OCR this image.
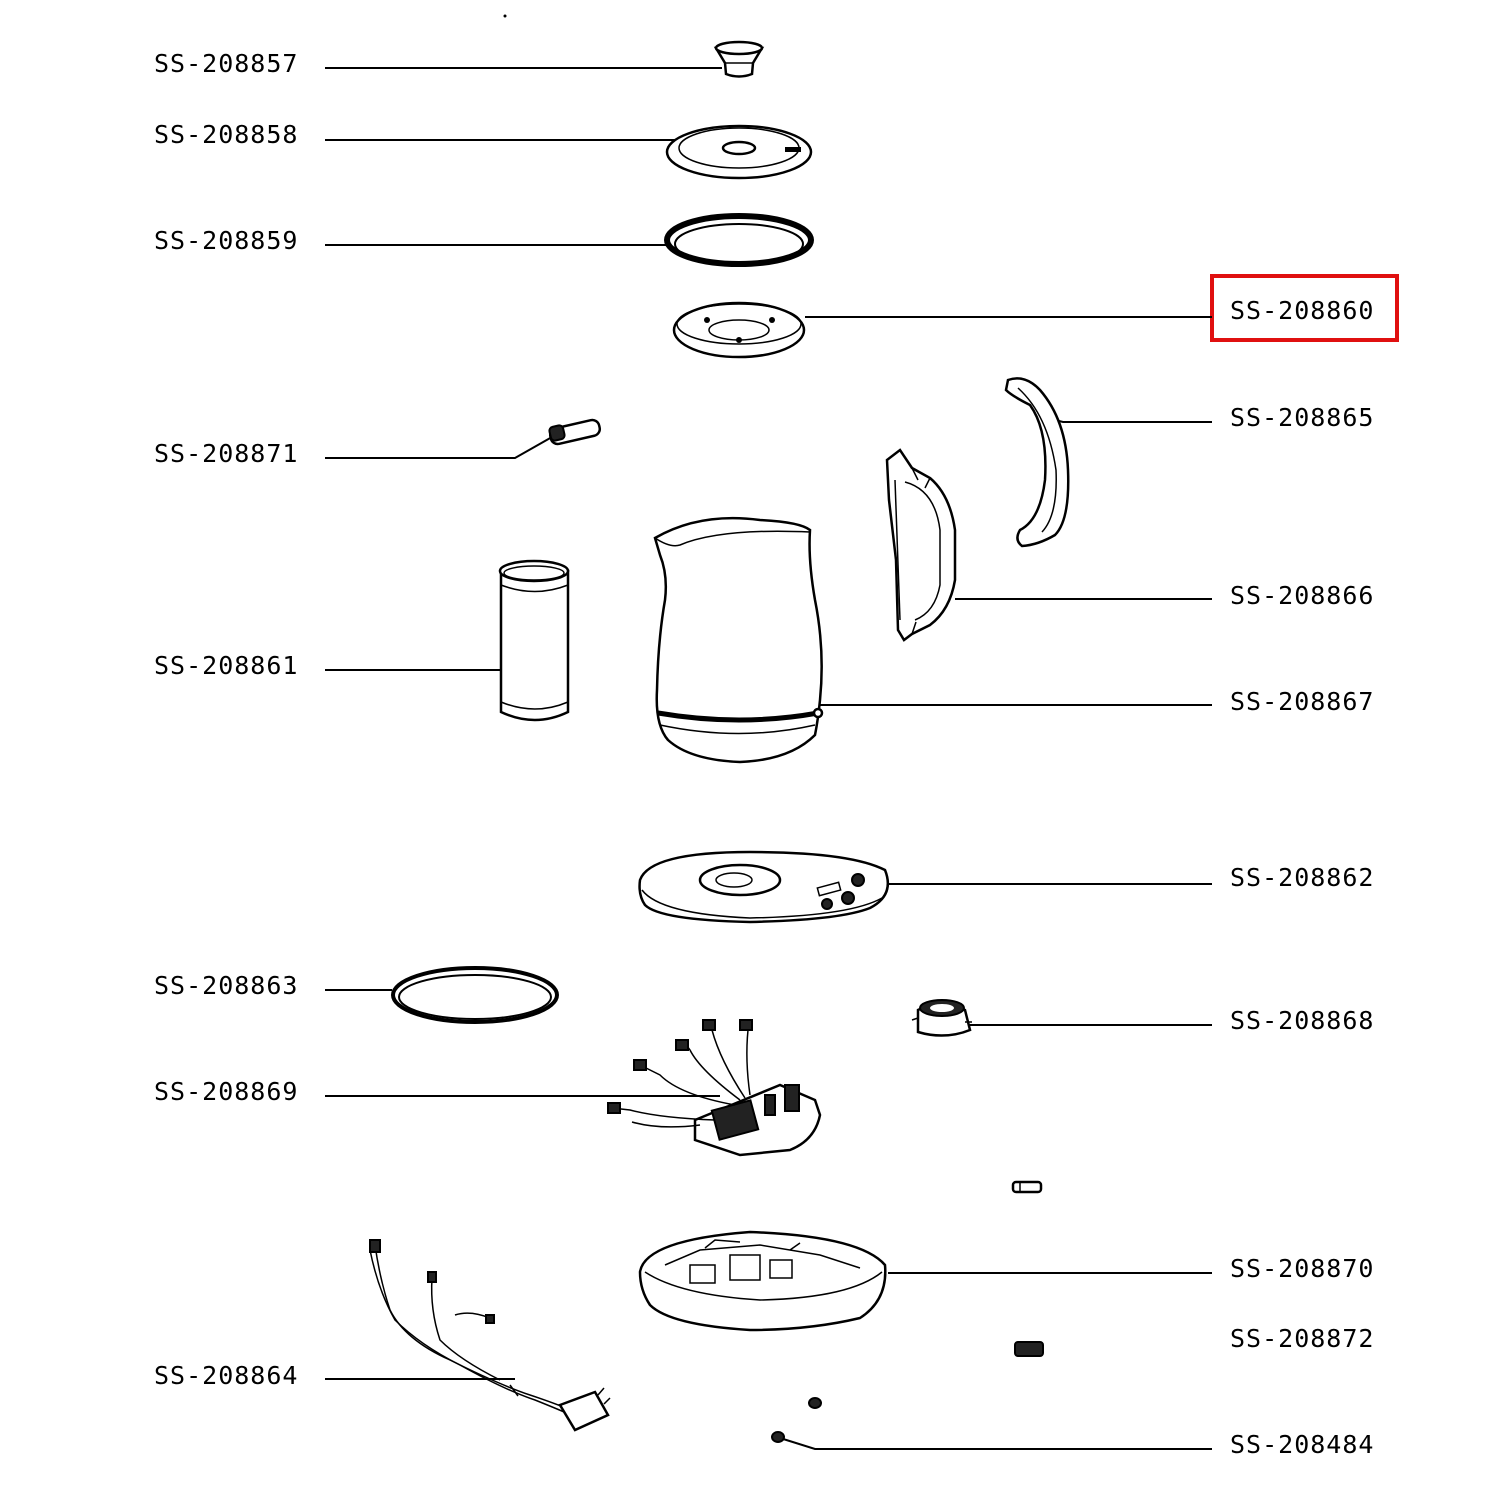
SS-208857
SS-208858
SS-208859
SS-208871
SS-208861
SS-208863
SS-208869
SS-208864
SS-208860
SS-208865
SS-208866
SS-208867
SS-208862
SS-208868
SS-208870
SS-208872
SS-208484
